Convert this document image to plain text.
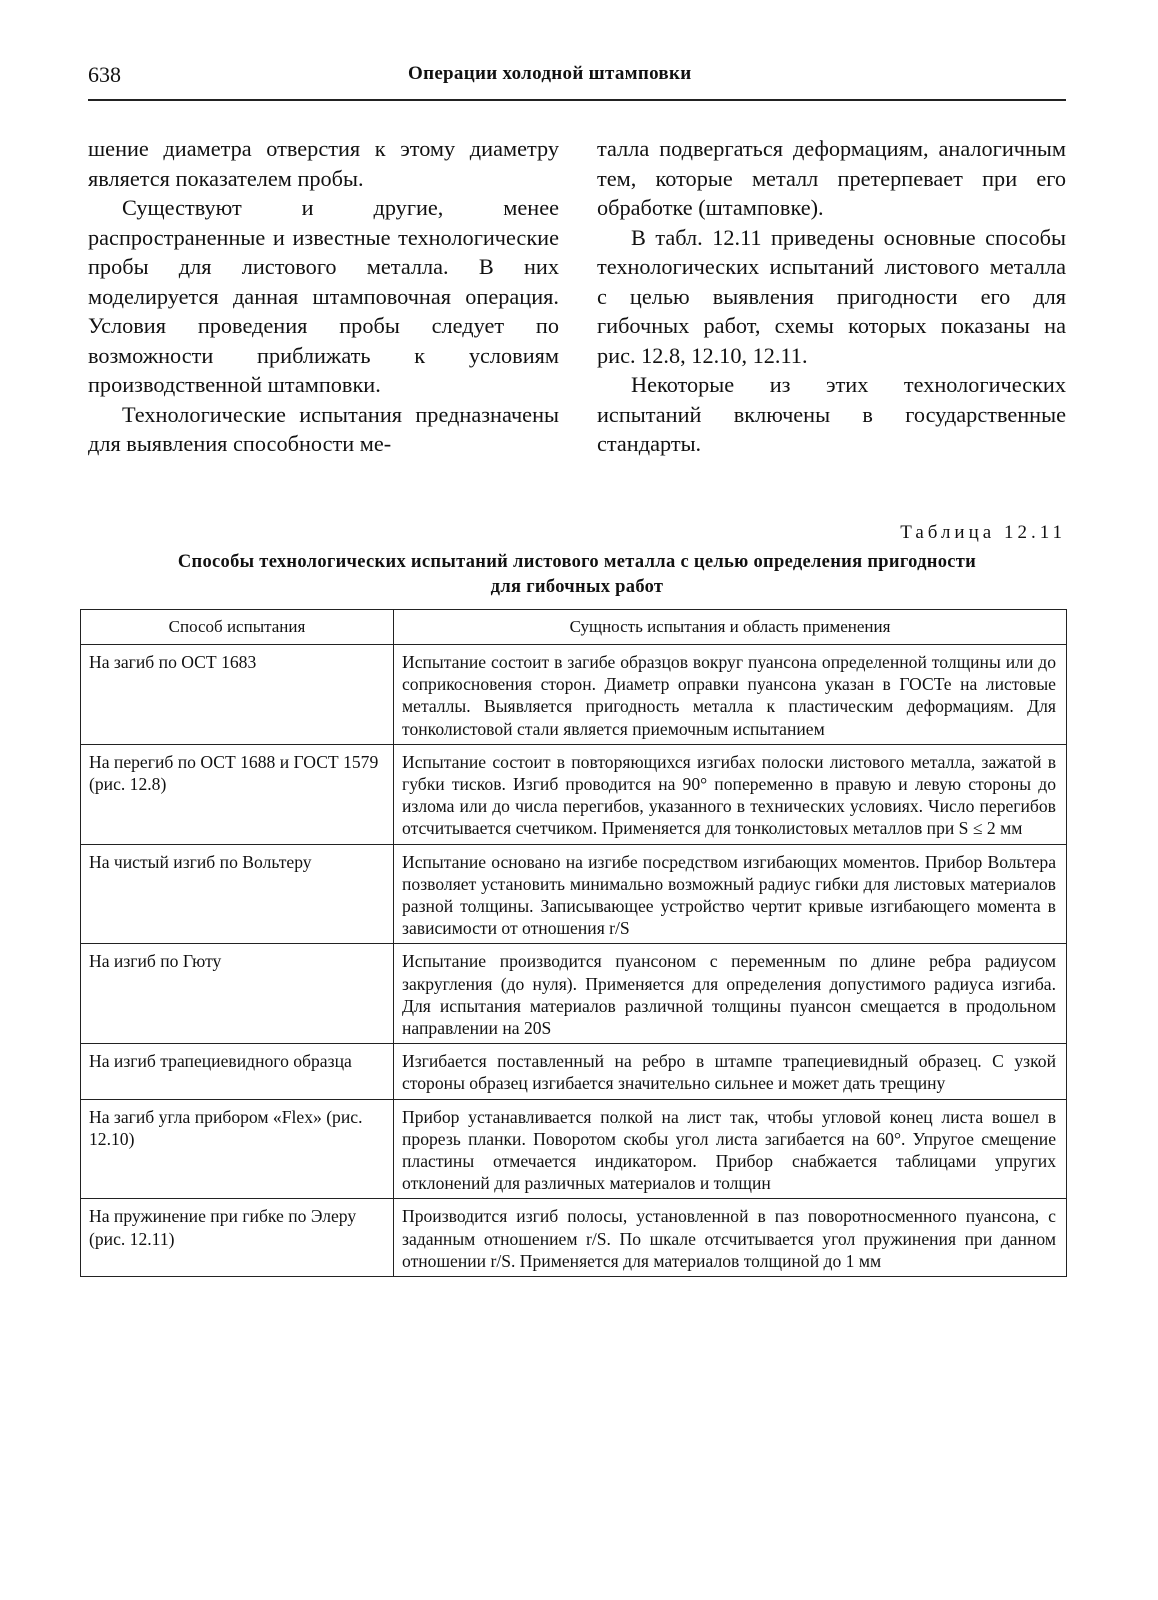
638	Операции холодной штамповки

шение диаметра отверстия к этому диаметру является показателем пробы.

Существуют и другие, менее распространенные и известные технологические пробы для листового металла. В них моделируется данная штамповочная операция. Условия проведения пробы следует по возможности приближать к условиям производственной штамповки.

Технологические испытания предназначены для выявления способности ме-

талла подвергаться деформациям, аналогичным тем, которые металл претерпевает при его обработке (штамповке).

В табл. 12.11 приведены основные способы технологических испытаний листового металла с целью выявления пригодности его для гибочных работ, схемы которых показаны на рис. 12.8, 12.10, 12.11.

Некоторые из этих технологических испытаний включены в государственные стандарты.

Таблица 12.11
Способы технологических испытаний листового металла с целью определения пригодности
для гибочных работ
Способ испытания	Сущность испытания и область применения
На загиб по ОСТ 1683	Испытание состоит в загибе образцов вокруг пуансона определенной толщины или до соприкосновения сторон. Диаметр оправки пуансона указан в ГОСТе на листовые металлы. Выявляется пригодность металла к пластическим деформациям. Для тонколистовой стали является приемочным испытанием
На перегиб по ОСТ 1688 и ГОСТ 1579 (рис. 12.8)	Испытание состоит в повторяющихся изгибах полоски листового металла, зажатой в губки тисков. Изгиб проводится на 90° попеременно в правую и левую стороны до излома или до числа перегибов, указанного в технических условиях. Число перегибов отсчитывается счетчиком. Применяется для тонколистовых металлов при S ≤ 2 мм
На чистый изгиб по Вольтеру	Испытание основано на изгибе посредством изгибающих моментов. Прибор Вольтера позволяет установить минимально возможный радиус гибки для листовых материалов разной толщины. Записывающее устройство чертит кривые изгибающего момента в зависимости от отношения r/S
На изгиб по Гюту	Испытание производится пуансоном с переменным по длине ребра радиусом закругления (до нуля). Применяется для определения допустимого радиуса изгиба. Для испытания материалов различной толщины пуансон смещается в продольном направлении на 20S
На изгиб трапециевидного образца	Изгибается поставленный на ребро в штампе трапециевидный образец. С узкой стороны образец изгибается значительно сильнее и может дать трещину
На загиб угла прибором «Flex» (рис. 12.10)	Прибор устанавливается полкой на лист так, чтобы угловой конец листа вошел в прорезь планки. Поворотом скобы угол листа загибается на 60°. Упругое смещение пластины отмечается индикатором. Прибор снабжается таблицами упругих отклонений для различных материалов и толщин
На пружинение при гибке по Элеру (рис. 12.11)	Производится изгиб полосы, установленной в паз поворотносменного пуансона, с заданным отношением r/S. По шкале отсчитывается угол пружинения при данном отношении r/S. Применяется для материалов толщиной до 1 мм
